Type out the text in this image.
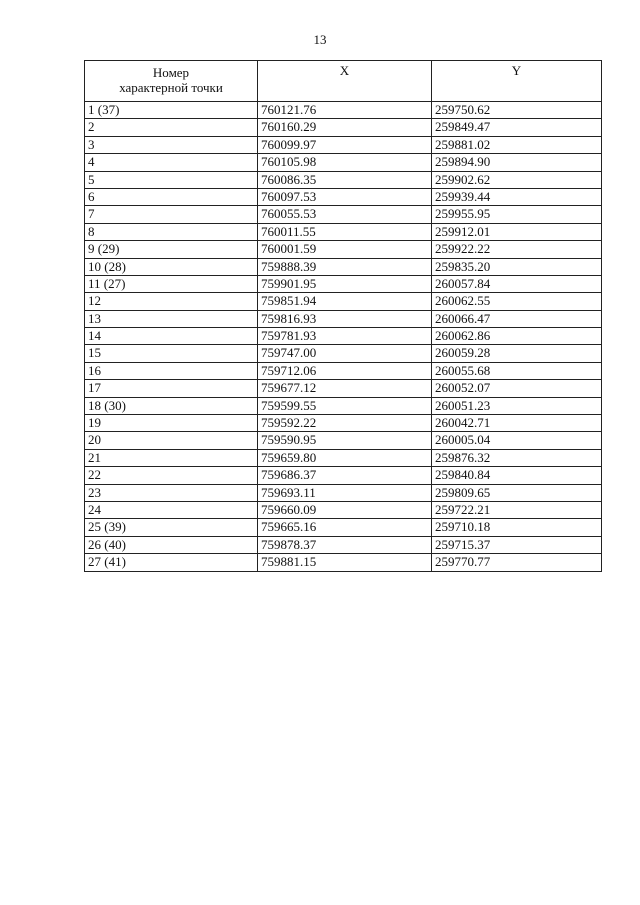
13
Номер
характерной точки	X	Y
1 (37)	760121.76	259750.62
2	760160.29	259849.47
3	760099.97	259881.02
4	760105.98	259894.90
5	760086.35	259902.62
6	760097.53	259939.44
7	760055.53	259955.95
8	760011.55	259912.01
9 (29)	760001.59	259922.22
10 (28)	759888.39	259835.20
11 (27)	759901.95	260057.84
12	759851.94	260062.55
13	759816.93	260066.47
14	759781.93	260062.86
15	759747.00	260059.28
16	759712.06	260055.68
17	759677.12	260052.07
18 (30)	759599.55	260051.23
19	759592.22	260042.71
20	759590.95	260005.04
21	759659.80	259876.32
22	759686.37	259840.84
23	759693.11	259809.65
24	759660.09	259722.21
25 (39)	759665.16	259710.18
26 (40)	759878.37	259715.37
27 (41)	759881.15	259770.77
